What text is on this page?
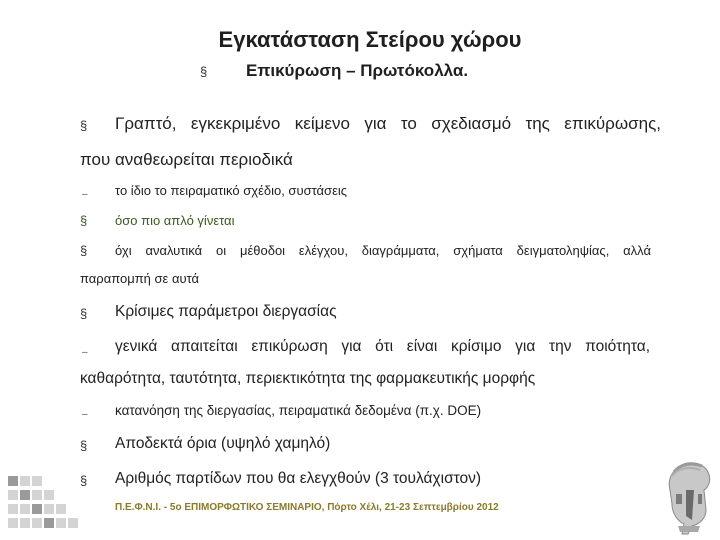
Εγκατάσταση Στείρου χώρου
§ Επικύρωση – Πρωτόκολλα.
§ Γραπτό, εγκεκριμένο κείμενο για το σχεδιασμό της επικύρωσης,
που αναθεωρείται περιοδικά
– το ίδιο το πειραματικό σχέδιο, συστάσεις
§ όσο πιο απλό γίνεται
§ όχι αναλυτικά οι μέθοδοι ελέγχου, διαγράμματα, σχήματα δειγματοληψίας, αλλά
παραπομπή σε αυτά
§ Κρίσιμες παράμετροι διεργασίας
– γενικά απαιτείται επικύρωση για ότι είναι κρίσιμο για την ποιότητα,
καθαρότητα, ταυτότητα, περιεκτικότητα της φαρμακευτικής μορφής
– κατανόηση της διεργασίας, πειραματικά δεδομένα (π.χ. DOE)
§ Αποδεκτά όρια (υψηλό χαμηλό)
§ Αριθμός παρτίδων που θα ελεγχθούν (3 τουλάχιστον)
Π.Ε.Φ.Ν.Ι. - 5ο ΕΠΙΜΟΡΦΩΤΙΚΟ ΣΕΜΙΝΑΡΙΟ, Πόρτο Χέλι, 21-23 Σεπτεμβρίου 2012
